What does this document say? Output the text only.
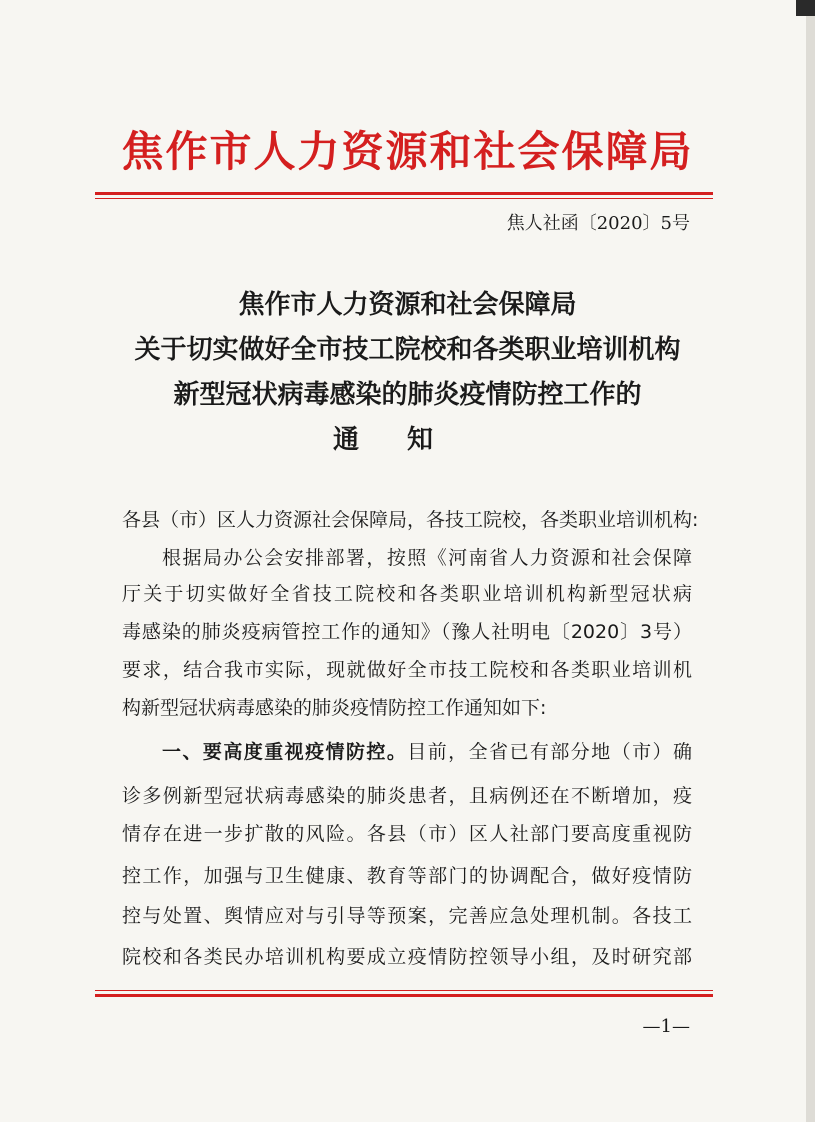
焦作市人力资源和社会保障局
焦人社函〔2020〕5号
焦作市人力资源和社会保障局
关于切实做好全市技工院校和各类职业培训机构
新型冠状病毒感染的肺炎疫情防控工作的
通 知
各县（市）区人力资源社会保障局，各技工院校，各类职业培训机构:
根据局办公会安排部署，按照《河南省人力资源和社会保障
厅关于切实做好全省技工院校和各类职业培训机构新型冠状病
毒感染的肺炎疫病管控工作的通知》（豫人社明电〔2020〕3号）
要求，结合我市实际，现就做好全市技工院校和各类职业培训机
构新型冠状病毒感染的肺炎疫情防控工作通知如下:
一、要高度重视疫情防控。目前，全省已有部分地（市）确
诊多例新型冠状病毒感染的肺炎患者，且病例还在不断增加，疫
情存在进一步扩散的风险。各县（市）区人社部门要高度重视防
控工作，加强与卫生健康、教育等部门的协调配合，做好疫情防
控与处置、舆情应对与引导等预案，完善应急处理机制。各技工
院校和各类民办培训机构要成立疫情防控领导小组，及时研究部
—1—
